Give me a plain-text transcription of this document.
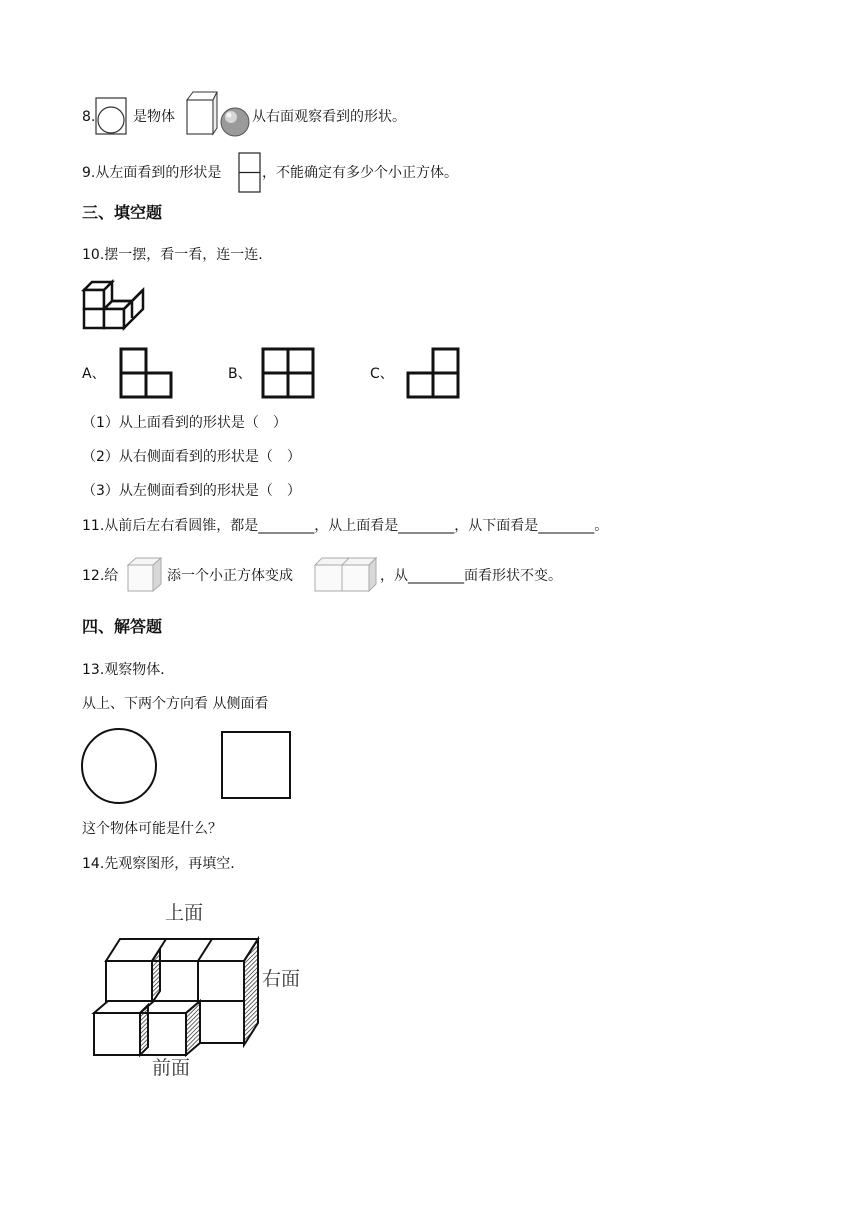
8.	是物体	从右面观察看到的形状。
9.从左面看到的形状是	，不能确定有多少个小正方体。
三、填空题
10.摆一摆，看一看，连一连.
A、	B、	C、
（1）从上面看到的形状是（　）
（2）从右侧面看到的形状是（　）
（3）从左侧面看到的形状是（　）
11.从前后左右看圆锥，都是________，从上面看是________，从下面看是________。
12.给	添一个小正方体变成	，从________面看形状不变。
四、解答题
13.观察物体.
从上、下两个方向看 从侧面看
这个物体可能是什么？
14.先观察图形，再填空.
上面
右面
前面
